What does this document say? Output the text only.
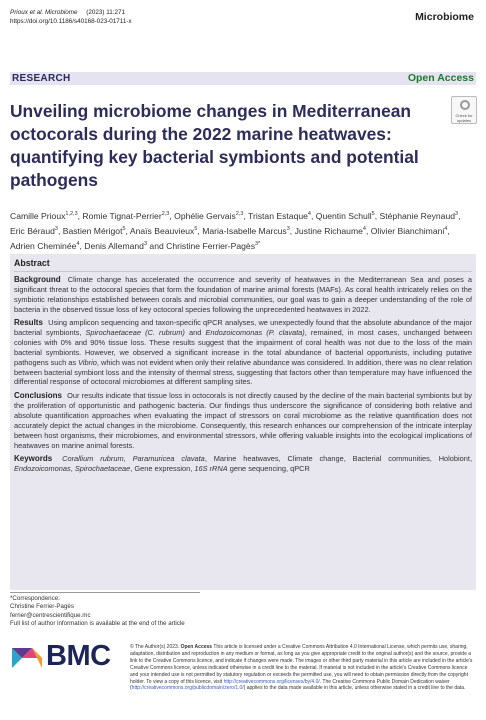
Prioux et al. Microbiome (2023) 11:271
https://doi.org/10.1186/s40168-023-01711-x	Microbiome
RESEARCH	Open Access
Unveiling microbiome changes in Mediterranean octocorals during the 2022 marine heatwaves: quantifying key bacterial symbionts and potential pathogens
Check for
updates
Camille Prioux$^{1,2,3}$, Romie Tignat-Perrier$^{2,3}$, Ophélie Gervais$^{2,3}$, Tristan Estaque$^4$, Quentin Schull$^5$, Stéphanie Reynaud$^3$, Eric Béraud$^3$, Bastien Mérigot$^5$, Anaïs Beauvieux$^5$, Maria-Isabelle Marcus$^3$, Justine Richaume$^4$, Olivier Bianchimani$^4$, Adrien Cheminée$^4$, Denis Allemand$^3$ and Christine Ferrier-Pagès$^{3*}$
Abstract

Background Climate change has accelerated the occurrence and severity of heatwaves in the Mediterranean Sea and poses a significant threat to the octocoral species that form the foundation of marine animal forests (MAFs). As coral health intricately relies on the symbiotic relationships established between corals and microbial communities, our goal was to gain a deeper understanding of the role of bacteria in the observed tissue loss of key octocoral species following the unprecedented heatwaves in 2022.

Results Using amplicon sequencing and taxon-specific qPCR analyses, we unexpectedly found that the absolute abundance of the major bacterial symbionts, Spirochaetaceae (C. rubrum) and Endozoicomonas (P. clavata), remained, in most cases, unchanged between colonies with 0% and 90% tissue loss. These results suggest that the impairment of coral health was not due to the loss of the main bacterial symbionts. However, we observed a significant increase in the total abundance of bacterial opportunists, including putative pathogens such as Vibrio, which was not evident when only their relative abundance was considered. In addition, there was no clear relation between bacterial symbiont loss and the intensity of thermal stress, suggesting that factors other than temperature may have influenced the differential response of octocoral microbiomes at different sampling sites.

Conclusions Our results indicate that tissue loss in octocorals is not directly caused by the decline of the main bacterial symbionts but by the proliferation of opportunistic and pathogenic bacteria. Our findings thus underscore the significance of considering both relative and absolute quantification approaches when evaluating the impact of stressors on coral microbiome as the relative quantification does not accurately depict the actual changes in the microbiome. Consequently, this research enhances our comprehension of the intricate interplay between host organisms, their microbiomes, and environmental stressors, while offering valuable insights into the ecological implications of heatwaves on marine animal forests.

Keywords Corallium rubrum, Paramuricea clavata, Marine heatwaves, Climate change, Bacterial communities, Holobiont, Endozoicomonas, Spirochaetaceae, Gene expression, 16S rRNA gene sequencing, qPCR

*Correspondence:
Christine Ferrier-Pagès
ferrier@centrescientifique.mc
Full list of author information is available at the end of the article
BMC	© The Author(s) 2023. Open Access This article is licensed under a Creative Commons Attribution 4.0 International License, which permits use, sharing, adaptation, distribution and reproduction in any medium or format, as long as you give appropriate credit to the original author(s) and the source, provide a link to the Creative Commons licence, and indicate if changes were made. The images or other third party material in this article are included in the article's Creative Commons licence, unless indicated otherwise in a credit line to the material. If material is not included in the article's Creative Commons licence and your intended use is not permitted by statutory regulation or exceeds the permitted use, you will need to obtain permission directly from the copyright holder. To view a copy of this licence, visit http://creativecommons.org/licenses/by/4.0/. The Creative Commons Public Domain Dedication waiver (http://creativecommons.org/publicdomain/zero/1.0/) applies to the data made available in this article, unless otherwise stated in a credit line to the data.
